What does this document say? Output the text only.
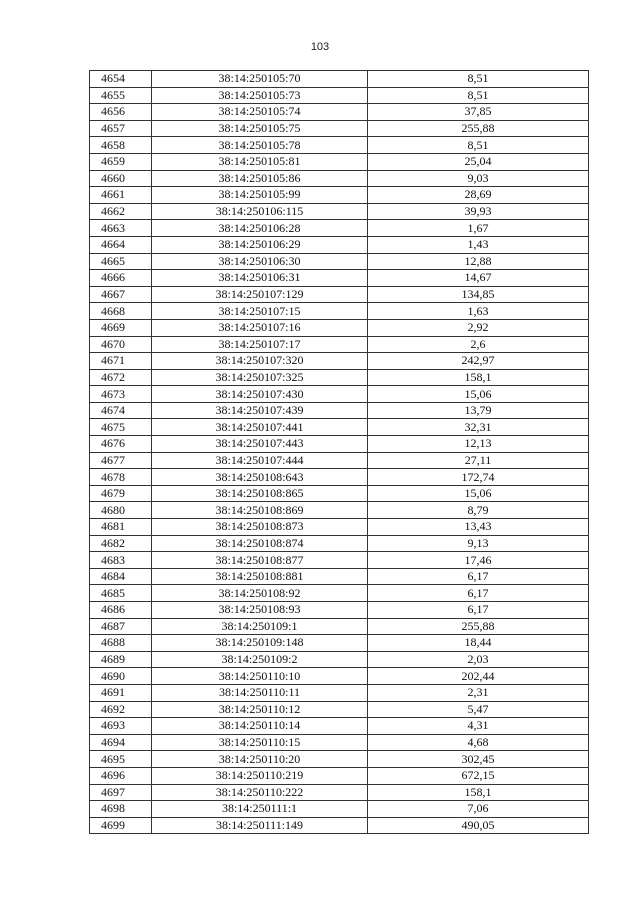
103
4654	38:14:250105:70	8,51
4655	38:14:250105:73	8,51
4656	38:14:250105:74	37,85
4657	38:14:250105:75	255,88
4658	38:14:250105:78	8,51
4659	38:14:250105:81	25,04
4660	38:14:250105:86	9,03
4661	38:14:250105:99	28,69
4662	38:14:250106:115	39,93
4663	38:14:250106:28	1,67
4664	38:14:250106:29	1,43
4665	38:14:250106:30	12,88
4666	38:14:250106:31	14,67
4667	38:14:250107:129	134,85
4668	38:14:250107:15	1,63
4669	38:14:250107:16	2,92
4670	38:14:250107:17	2,6
4671	38:14:250107:320	242,97
4672	38:14:250107:325	158,1
4673	38:14:250107:430	15,06
4674	38:14:250107:439	13,79
4675	38:14:250107:441	32,31
4676	38:14:250107:443	12,13
4677	38:14:250107:444	27,11
4678	38:14:250108:643	172,74
4679	38:14:250108:865	15,06
4680	38:14:250108:869	8,79
4681	38:14:250108:873	13,43
4682	38:14:250108:874	9,13
4683	38:14:250108:877	17,46
4684	38:14:250108:881	6,17
4685	38:14:250108:92	6,17
4686	38:14:250108:93	6,17
4687	38:14:250109:1	255,88
4688	38:14:250109:148	18,44
4689	38:14:250109:2	2,03
4690	38:14:250110:10	202,44
4691	38:14:250110:11	2,31
4692	38:14:250110:12	5,47
4693	38:14:250110:14	4,31
4694	38:14:250110:15	4,68
4695	38:14:250110:20	302,45
4696	38:14:250110:219	672,15
4697	38:14:250110:222	158,1
4698	38:14:250111:1	7,06
4699	38:14:250111:149	490,05
